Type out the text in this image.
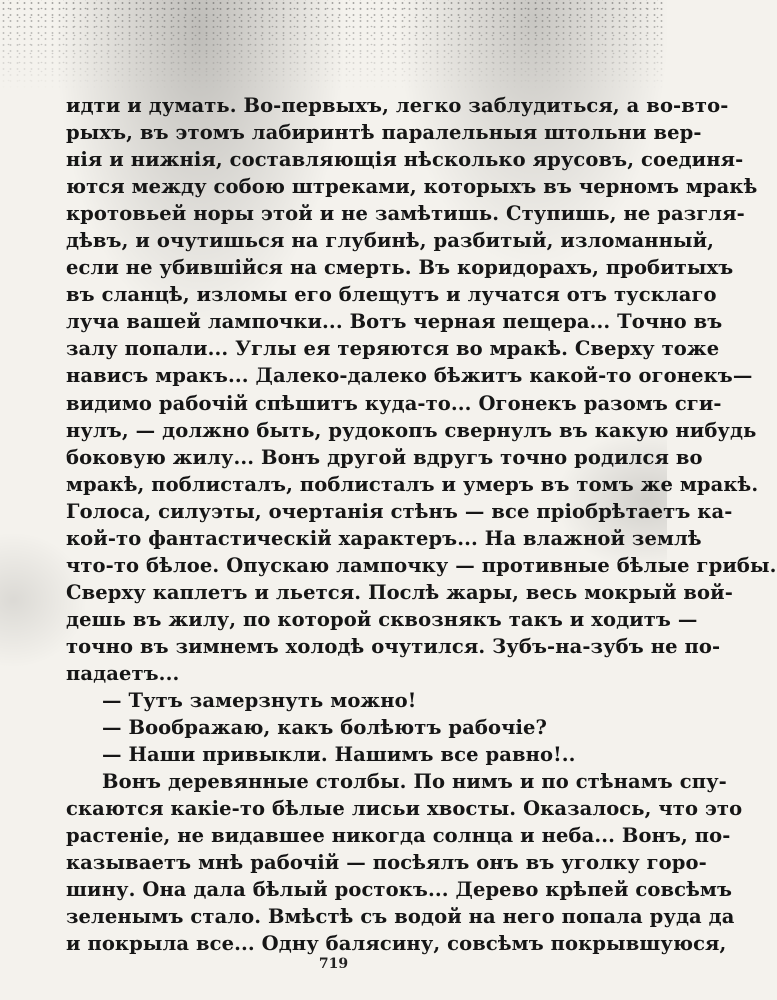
идти и думать. Во-первыхъ, легко заблудиться, а во-вто-
рыхъ, въ этомъ лабиринтѣ паралельныя штольни вер-
нія и нижнія, составляющія нѣсколько ярусовъ, соединя-
ются между собою штреками, которыхъ въ черномъ мракѣ
кротовьей норы этой и не замѣтишь. Ступишь, не разгля-
дѣвъ, и очутишься на глубинѣ, разбитый, изломанный,
если не убившійся на смерть. Въ коридорахъ, пробитыхъ
въ сланцѣ, изломы его блещутъ и лучатся отъ тусклаго
луча вашей лампочки... Вотъ черная пещера... Точно въ
залу попали... Углы ея теряются во мракѣ. Сверху тоже
нависъ мракъ... Далеко-далеко бѣжитъ какой-то огонекъ—
видимо рабочій спѣшитъ куда-то... Огонекъ разомъ сги-
нулъ, — должно быть, рудокопъ свернулъ въ какую нибудь
боковую жилу... Вонъ другой вдругъ точно родился во
мракѣ, поблисталъ, поблисталъ и умеръ въ томъ же мракѣ.
Голоса, силуэты, очертанія стѣнъ — все пріобрѣтаетъ ка-
кой-то фантастическій характеръ... На влажной землѣ
что-то бѣлое. Опускаю лампочку — противные бѣлые грибы.
Сверху каплетъ и льется. Послѣ жары, весь мокрый вой-
дешь въ жилу, по которой сквознякъ такъ и ходитъ —
точно въ зимнемъ холодѣ очутился. Зубъ-на-зубъ не по-
падаетъ...
— Тутъ замерзнуть можно!
— Воображаю, какъ болѣютъ рабочіе?
— Наши привыкли. Нашимъ все равно!..
Вонъ деревянные столбы. По нимъ и по стѣнамъ спу-
скаются какіе-то бѣлые лисьи хвосты. Оказалось, что это
растеніе, не видавшее никогда солнца и неба... Вонъ, по-
казываетъ мнѣ рабочій — посѣялъ онъ въ уголку горо-
шину. Она дала бѣлый ростокъ... Дерево крѣпей совсѣмъ
зеленымъ стало. Вмѣстѣ съ водой на него попала руда да
и покрыла все... Одну балясину, совсѣмъ покрывшуюся,
719
